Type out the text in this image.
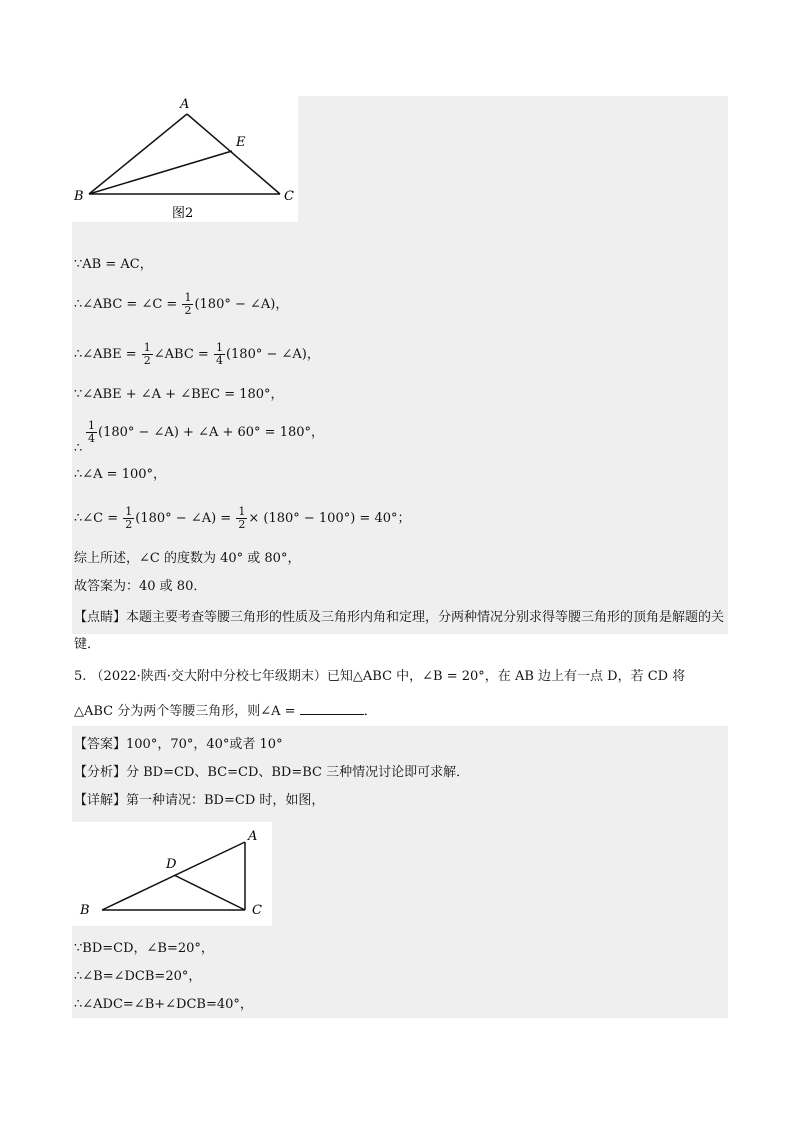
A
E
B	C
图2
∵AB = AC，
∴∠ABC = ∠C = $\frac{1}{2} (180^\circ$ − ∠A)，
∴∠ABE = $\frac{1}{2}$ ∠ABC = $\frac{1}{4} (180^\circ$ − ∠A)，
∵∠ABE + ∠A + ∠BEC = 180°，
$\frac{1}{4} (180^\circ$ − ∠A) + ∠A + 60° = 180°，
∴
∴∠A = 100°，
∴∠C = $\frac{1}{2} (180^\circ$ − ∠A) = $\frac{1}{2} \times (180^\circ - 100^\circ) = 40^\circ$；
综上所述，∠C 的度数为 40° 或 80°，
故答案为：40 或 80．
【点睛】本题主要考查等腰三角形的性质及三角形内角和定理，分两种情况分别求得等腰三角形的顶角是解题的关键．
5. （2022·陕西·交大附中分校七年级期末）已知△ABC 中，∠B = 20°，在 AB 边上有一点 D，若 CD 将
△ABC 分为两个等腰三角形，则∠A =	．
【答案】100°，70°，40°或者 10°
【分析】分 BD=CD、BC=CD、BD=BC 三种情况讨论即可求解．
【详解】第一种请况：BD=CD 时，如图，
A
D
B	C
∵BD=CD，∠B=20°，
∴∠B=∠DCB=20°，
∴∠ADC=∠B+∠DCB=40°，
